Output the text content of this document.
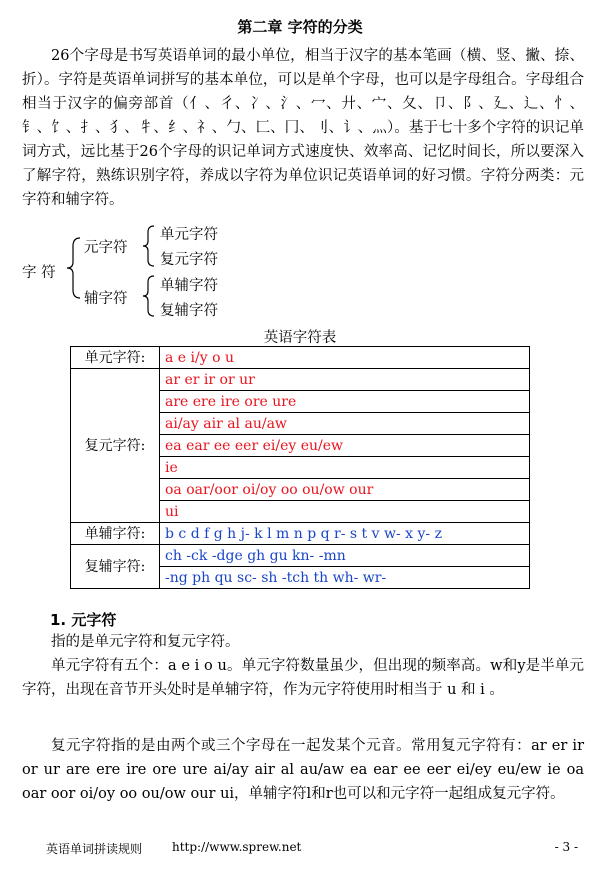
第二章 字符的分类

26个字母是书写英语单词的最小单位，相当于汉字的基本笔画（横、竖、撇、捺、折）。字符是英语单词拼写的基本单位，可以是单个字母，也可以是字母组合。字母组合相当于汉字的偏旁部首（亻、彳、冫、氵、冖、廾、宀、夂、卩、阝、廴、辶、忄、钅、饣、扌、犭、牜、纟、礻、勹、匚、冂、刂、讠、灬）。基于七十多个字符的识记单词方式，远比基于26个字母的识记单词方式速度快、效率高、记忆时间长，所以要深入了解字符，熟练识别字符，养成以字符为单位识记英语单词的好习惯。字符分两类：元字符和辅字符。

字 符
元字符
辅字符
单元字符
复元字符
单辅字符
复辅字符
英语字符表
单元字符:	a e i/y o u
复元字符:	ar er ir or ur
	are ere ire ore ure
	ai/ay air al au/aw
	ea ear ee eer ei/ey eu/ew
	ie
	oa oar/oor oi/oy oo ou/ow our
	ui
单辅字符:	b c d f g h j- k l m n p q r- s t v w- x y- z
复辅字符:	ch -ck -dge gh gu kn- -mn
	-ng ph qu sc- sh -tch th wh- wr-
1. 元字符

指的是单元字符和复元字符。

单元字符有五个：a e i o u。单元字符数量虽少，但出现的频率高。w和y是半单元字符，出现在音节开头处时是单辅字符，作为元字符使用时相当于 u 和 i 。

复元字符指的是由两个或三个字母在一起发某个元音。常用复元字符有：ar er ir or ur are ere ire ore ure ai/ay air al au/aw ea ear ee eer ei/ey eu/ew ie oa oar oor oi/oy oo ou/ow our ui，单辅字符l和r也可以和元字符一起组成复元字符。

英语单词拼读规则 http://www.sprew.net	- 3 -
